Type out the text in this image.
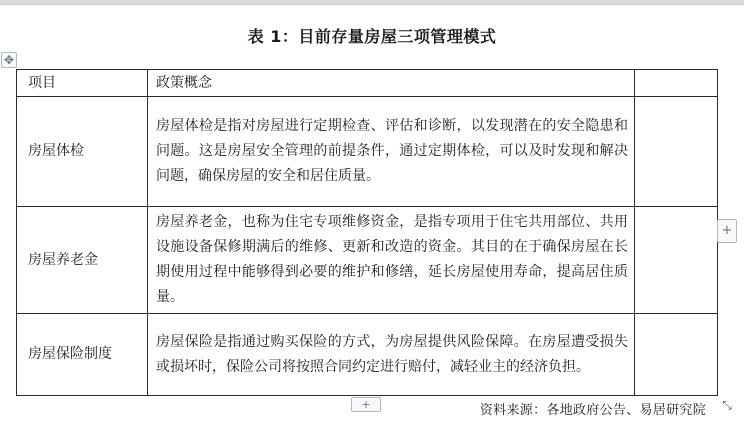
表 1：目前存量房屋三项管理模式
✥
项目	政策概念	
房屋体检	房屋体检是指对房屋进行定期检查、评估和诊断，以发现潜在的安全隐患和问题。这是房屋安全管理的前提条件，通过定期体检，可以及时发现和解决问题，确保房屋的安全和居住质量。	
房屋养老金	房屋养老金，也称为住宅专项维修资金，是指专项用于住宅共用部位、共用设施设备保修期满后的维修、更新和改造的资金。其目的在于确保房屋在长期使用过程中能够得到必要的维护和修缮，延长房屋使用寿命，提高居住质量。	
房屋保险制度	房屋保险是指通过购买保险的方式，为房屋提供风险保障。在房屋遭受损失或损坏时，保险公司将按照合同约定进行赔付，减轻业主的经济负担。	
+
+	资料来源：各地政府公告、易居研究院 ⤡
